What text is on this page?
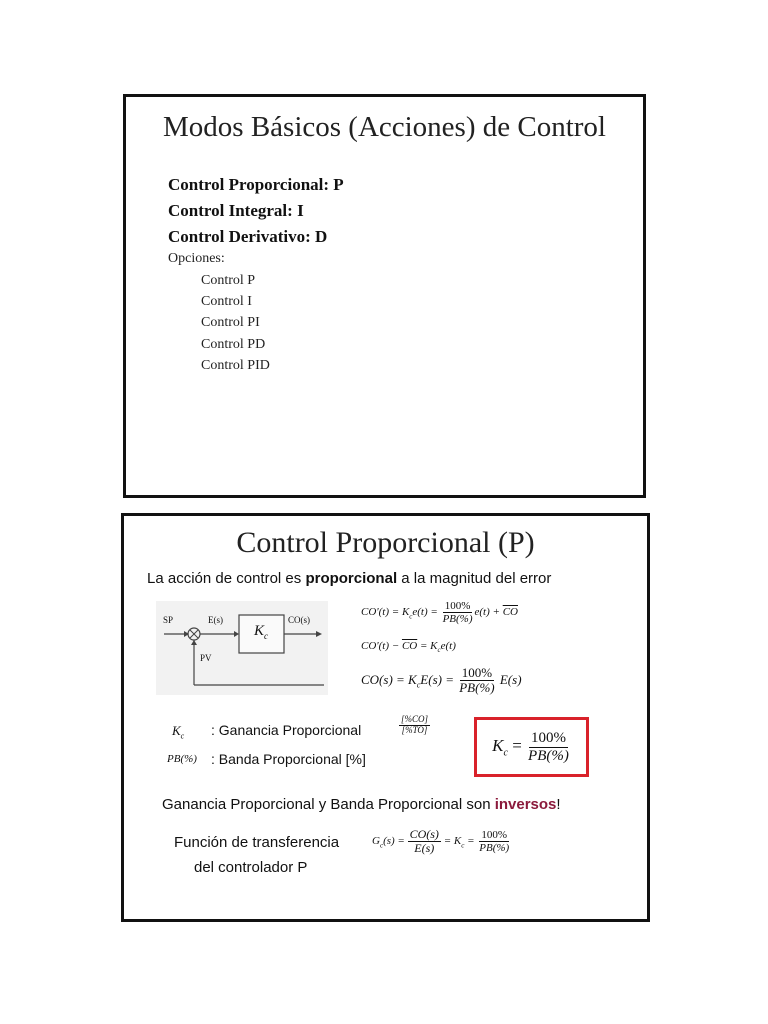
Modos Básicos (Acciones) de Control
Control Proporcional: P
Control Integral: I
Control Derivativo: D
Opciones:
Control P
Control I
Control PI
Control PD
Control PID
Control Proporcional (P)
La acción de control es proporcional a la magnitud del error
SP	E(s)	CO(s)
PV
$K_c$
$CO'(t) = K_ce(t) = \frac{100\%}{PB(\%)} e(t) + \overline{CO}$
$CO'(t) - \overline{CO} = K_ce(t)$
$CO(s) = K_cE(s) = \frac{100\%}{PB(\%)} E(s)$
$K_c$ : Ganancia Proporcional	$\frac{[\%CO]}{[\%TO]}$
PB(%) : Banda Proporcional [%]
$K_c = \frac{100\%}{PB(\%)}$
Ganancia Proporcional y Banda Proporcional son inversos!
Función de transferencia
del controlador P
$G_c(s) = \frac{CO(s)}{E(s)} = K_c = \frac{100\%}{PB(\%)}$
